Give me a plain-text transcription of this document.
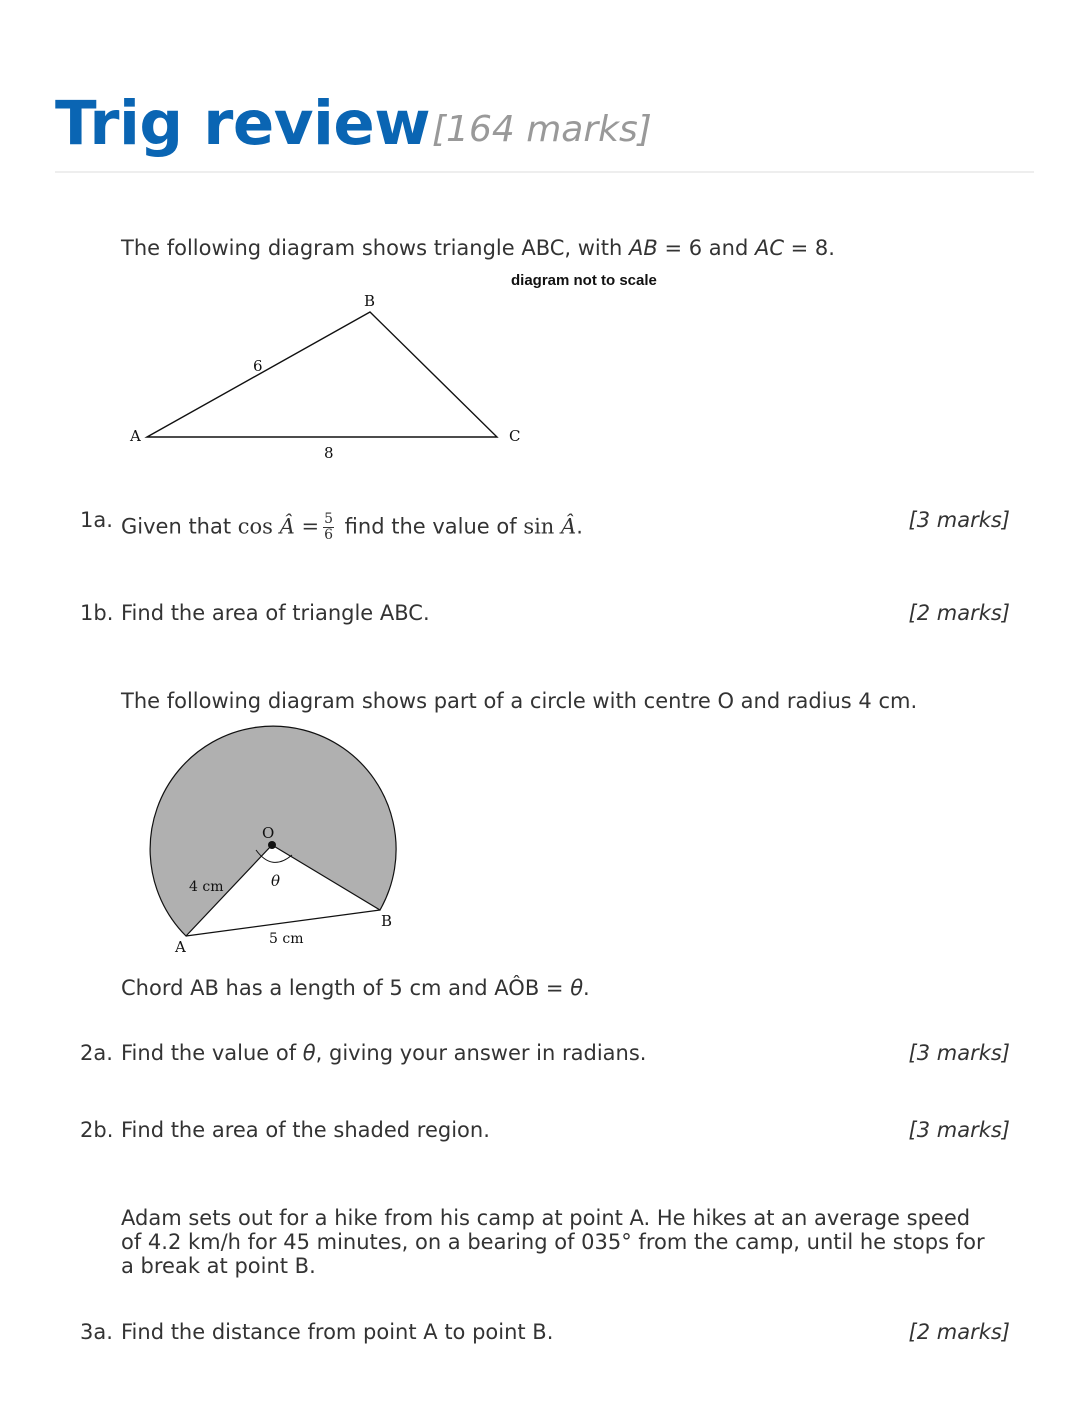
Trig review [164 marks]
The following diagram shows triangle ABC, with AB = 6 and AC = 8.
diagram not to scale
A
B
C
6
8
1a. Given that cos Â = $\frac{5}{6}$ find the value of sin Â.	[3 marks]
1b. Find the area of triangle ABC.	[2 marks]
The following diagram shows part of a circle with centre O and radius 4 cm.
O
A
B
4 cm
5 cm
θ
Chord AB has a length of 5 cm and AÔB = θ.
2a. Find the value of θ, giving your answer in radians.	[3 marks]
2b. Find the area of the shaded region.	[3 marks]
Adam sets out for a hike from his camp at point A. He hikes at an average speed
of 4.2 km/h for 45 minutes, on a bearing of 035° from the camp, until he stops for
a break at point B.
3a. Find the distance from point A to point B.	[2 marks]
